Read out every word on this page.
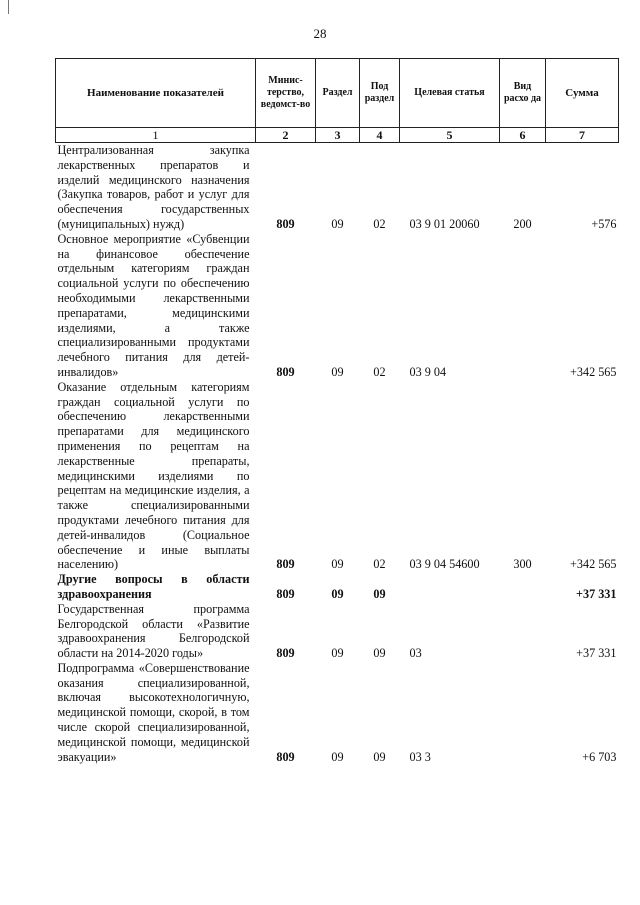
28
Наименование показателей	Минис-терство, ведомст-во	Раздел	Под раздел	Целевая статья	Вид расхо да	Сумма
1	2	3	4	5	6	7
Централизованная закупка лекарственных препаратов и изделий медицинского назначения (Закупка товаров, работ и услуг для обеспечения государственных (муниципальных) нужд)	809	09	02	03 9 01 20060	200	+576
Основное мероприятие «Субвенции на финансовое обеспечение отдельным категориям граждан социальной услуги по обеспечению необходимыми лекарственными препаратами, медицинскими изделиями, а также специализированными продуктами лечебного питания для детей-инвалидов»	809	09	02	03 9 04		+342 565
Оказание отдельным категориям граждан социальной услуги по обеспечению лекарственными препаратами для медицинского применения по рецептам на лекарственные препараты, медицинскими изделиями по рецептам на медицинские изделия, а также специализированными продуктами лечебного питания для детей-инвалидов (Социальное обеспечение и иные выплаты населению)	809	09	02	03 9 04 54600	300	+342 565
Другие вопросы в области здравоохранения	809	09	09			+37 331
Государственная программа Белгородской области «Развитие здравоохранения Белгородской области на 2014-2020 годы»	809	09	09	03		+37 331
Подпрограмма «Совершенствование оказания специализированной, включая высокотехнологичную, медицинской помощи, скорой, в том числе скорой специализированной, медицинской помощи, медицинской эвакуации»	809	09	09	03 3		+6 703
